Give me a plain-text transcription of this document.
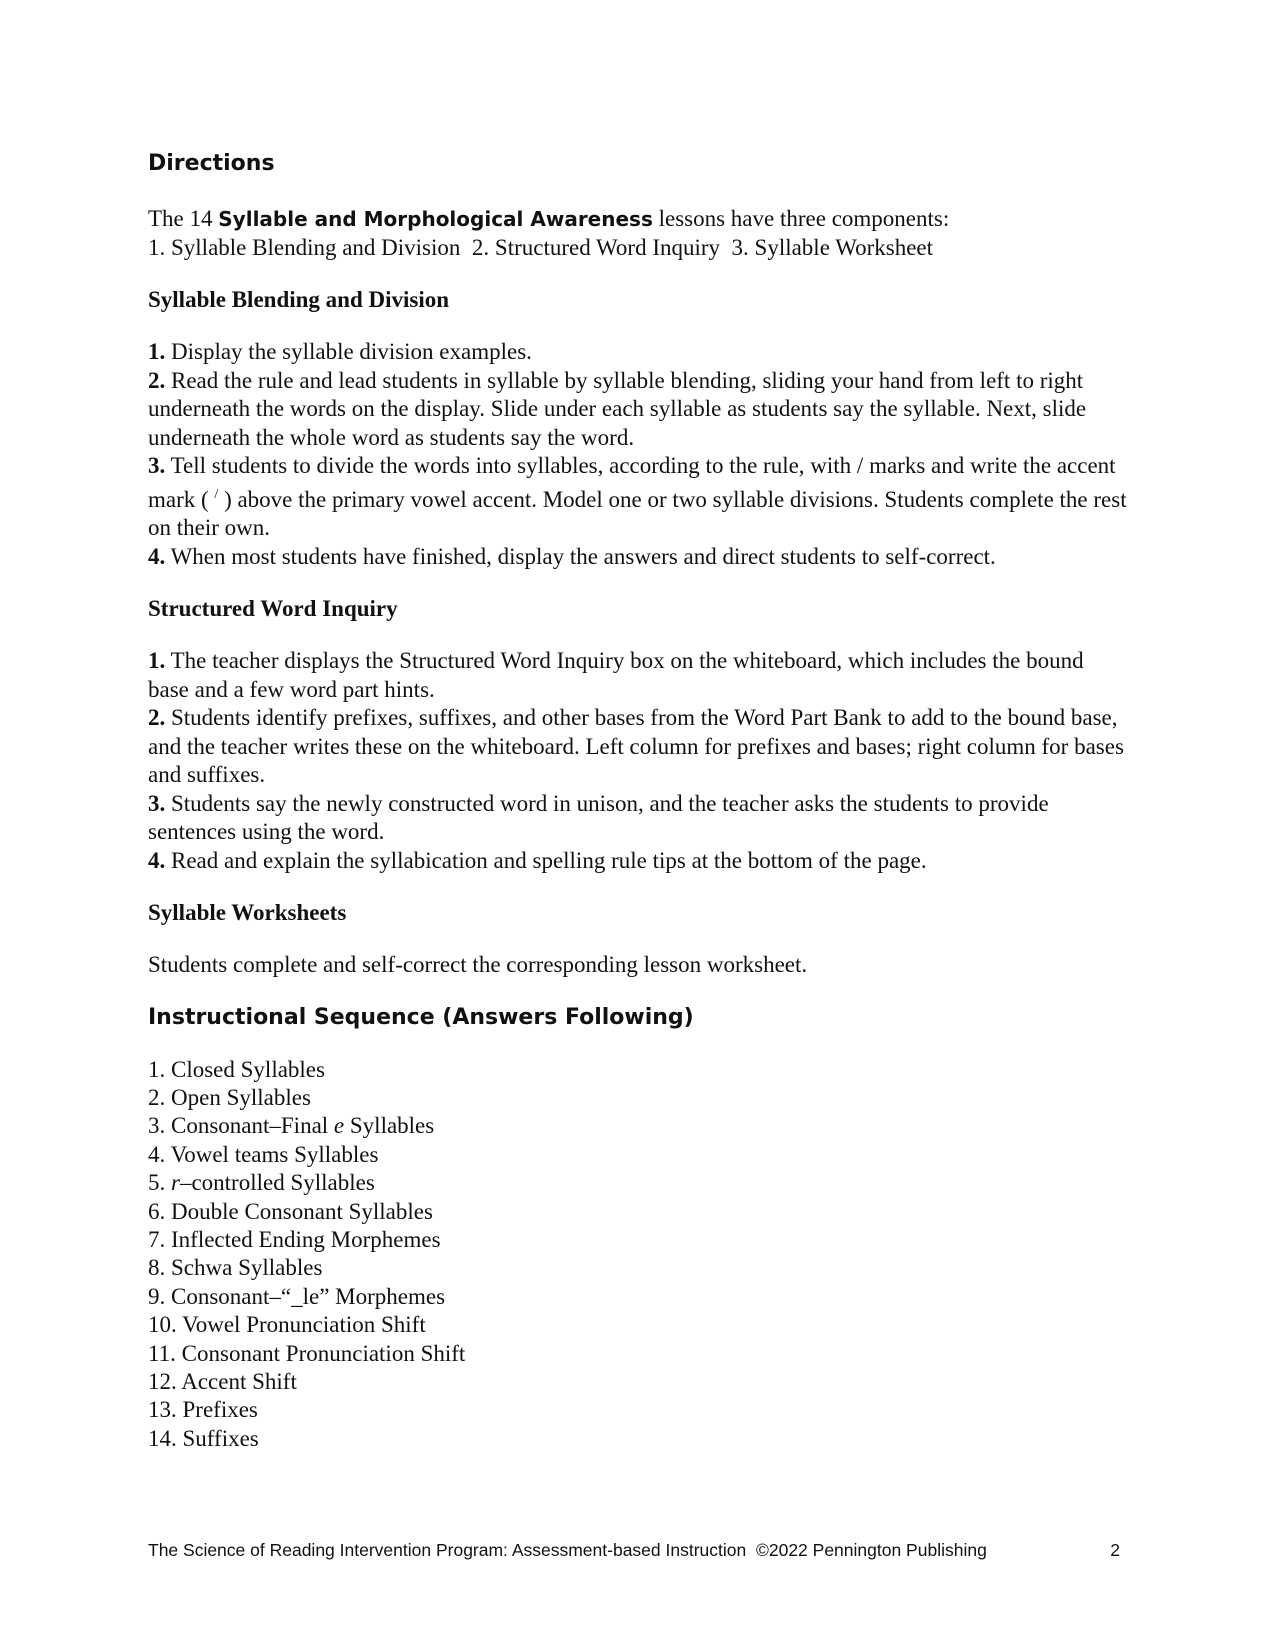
Directions

The 14 Syllable and Morphological Awareness lessons have three components:

1. Syllable Blending and Division  2. Structured Word Inquiry  3. Syllable Worksheet

Syllable Blending and Division

1. Display the syllable division examples.

2. Read the rule and lead students in syllable by syllable blending, sliding your hand from left to right underneath the words on the display. Slide under each syllable as students say the syllable. Next, slide underneath the whole word as students say the word.

3. Tell students to divide the words into syllables, according to the rule, with / marks and write the accent mark ( / ) above the primary vowel accent. Model one or two syllable divisions. Students complete the rest on their own.

4. When most students have finished, display the answers and direct students to self-correct.

Structured Word Inquiry

1. The teacher displays the Structured Word Inquiry box on the whiteboard, which includes the bound base and a few word part hints.

2. Students identify prefixes, suffixes, and other bases from the Word Part Bank to add to the bound base, and the teacher writes these on the whiteboard. Left column for prefixes and bases; right column for bases and suffixes.

3. Students say the newly constructed word in unison, and the teacher asks the students to provide sentences using the word.

4. Read and explain the syllabication and spelling rule tips at the bottom of the page.

Syllable Worksheets

Students complete and self-correct the corresponding lesson worksheet.

Instructional Sequence (Answers Following)

1. Closed Syllables

2. Open Syllables

3. Consonant–Final e Syllables

4. Vowel teams Syllables

5. r–controlled Syllables

6. Double Consonant Syllables

7. Inflected Ending Morphemes

8. Schwa Syllables

9. Consonant–“_le” Morphemes

10. Vowel Pronunciation Shift

11. Consonant Pronunciation Shift

12. Accent Shift

13. Prefixes

14. Suffixes

The Science of Reading Intervention Program: Assessment-based Instruction  ©2022 Pennington Publishing	2
